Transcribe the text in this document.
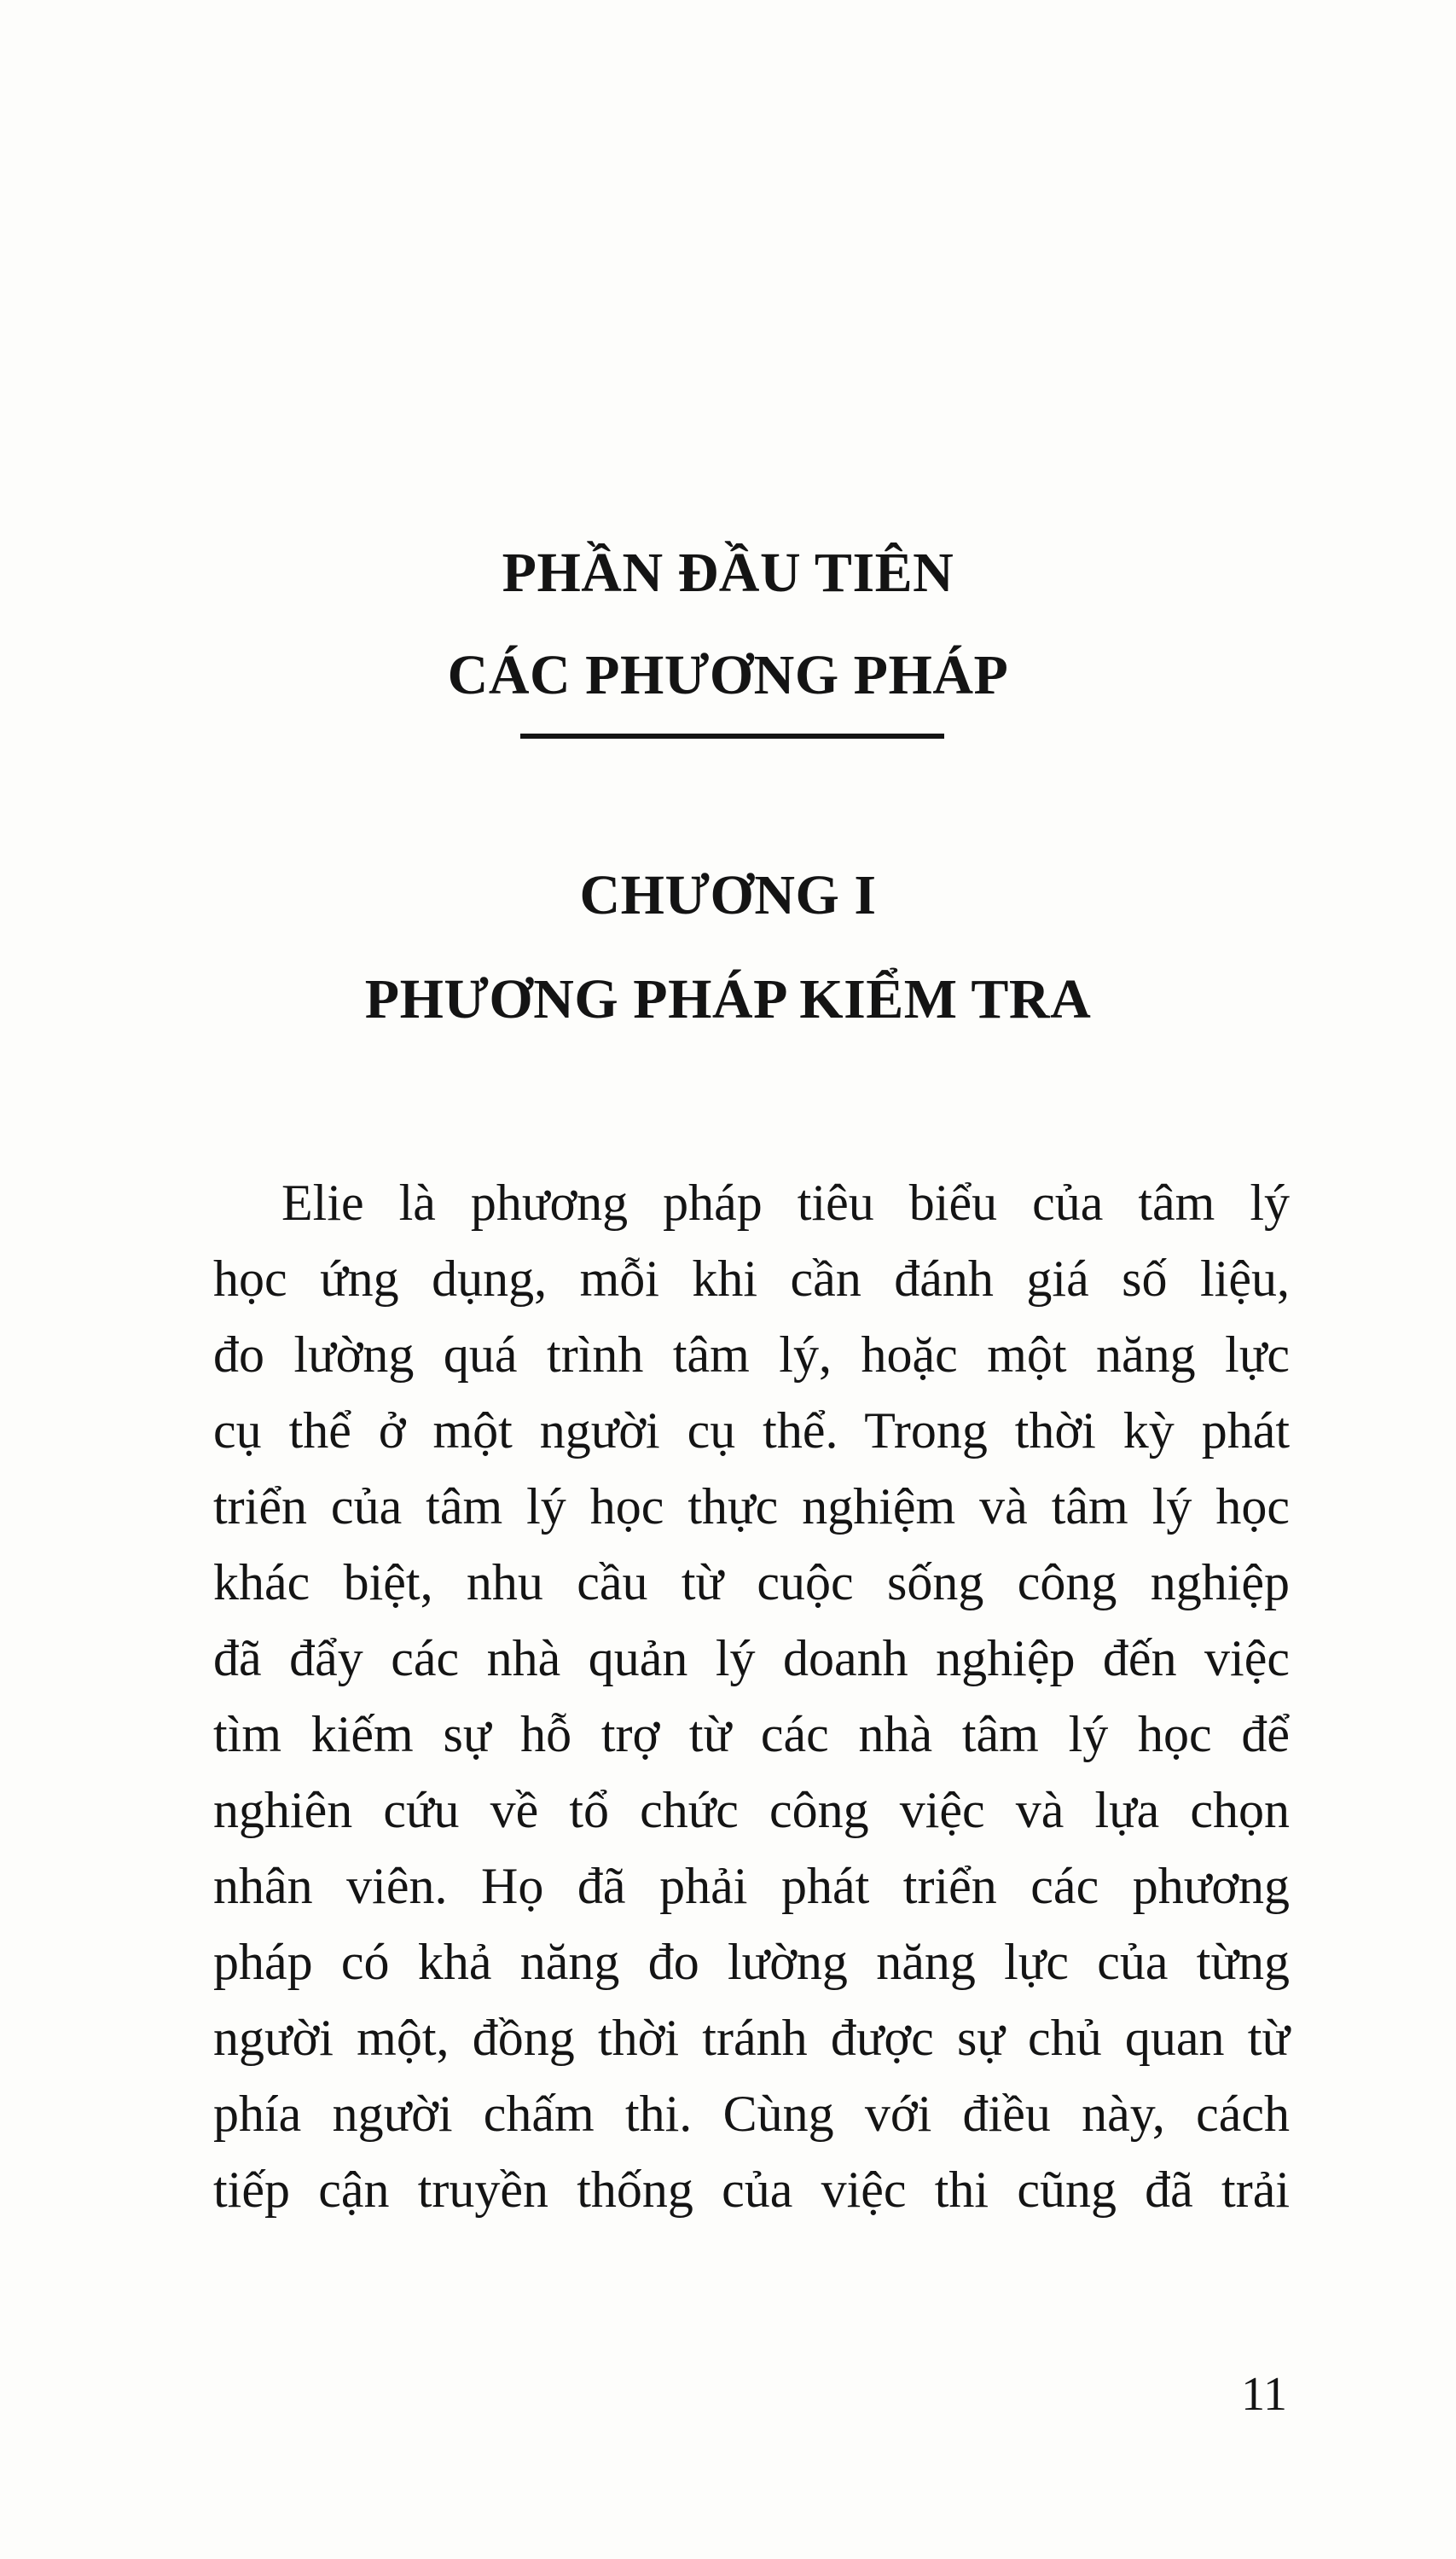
PHẦN ĐẦU TIÊN
CÁC PHƯƠNG PHÁP
CHƯƠNG I
PHƯƠNG PHÁP KIỂM TRA
Elie là phương pháp tiêu biểu của tâm lý
học ứng dụng, mỗi khi cần đánh giá số liệu,
đo lường quá trình tâm lý, hoặc một năng lực
cụ thể ở một người cụ thể. Trong thời kỳ phát
triển của tâm lý học thực nghiệm và tâm lý học
khác biệt, nhu cầu từ cuộc sống công nghiệp
đã đẩy các nhà quản lý doanh nghiệp đến việc
tìm kiếm sự hỗ trợ từ các nhà tâm lý học để
nghiên cứu về tổ chức công việc và lựa chọn
nhân viên. Họ đã phải phát triển các phương
pháp có khả năng đo lường năng lực của từng
người một, đồng thời tránh được sự chủ quan từ
phía người chấm thi. Cùng với điều này, cách
tiếp cận truyền thống của việc thi cũng đã trải
11
